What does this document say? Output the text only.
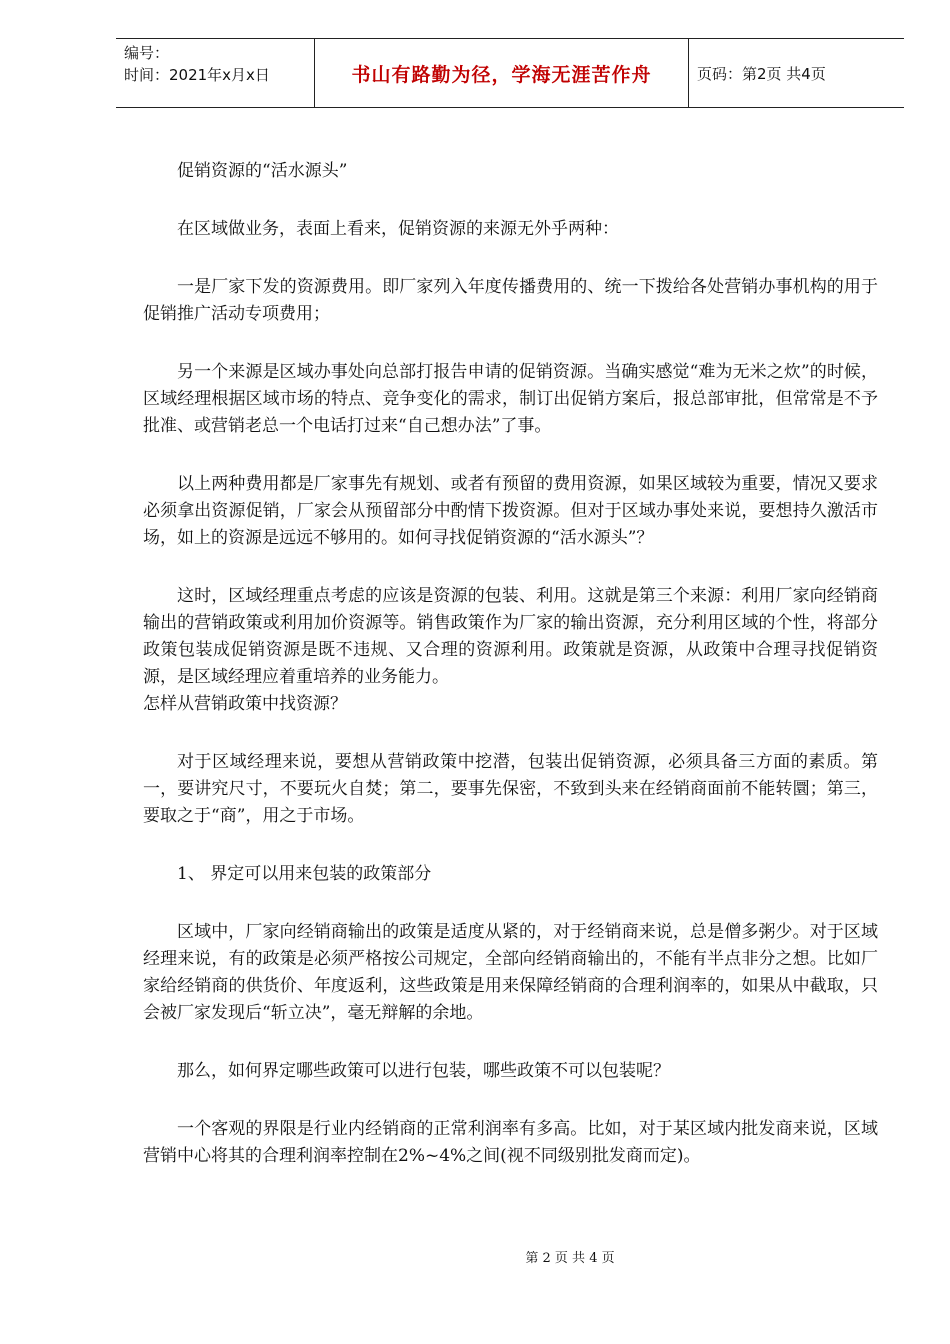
编号：
时间：2021年x月x日	书山有路勤为径，学海无涯苦作舟	页码：第2页 共4页

促销资源的“活水源头”

在区域做业务，表面上看来，促销资源的来源无外乎两种：

一是厂家下发的资源费用。即厂家列入年度传播费用的、统一下拨给各处营销办事机构的用于促销推广活动专项费用；

另一个来源是区域办事处向总部打报告申请的促销资源。当确实感觉“难为无米之炊”的时候，区域经理根据区域市场的特点、竞争变化的需求，制订出促销方案后，报总部审批，但常常是不予批准、或营销老总一个电话打过来“自己想办法”了事。

以上两种费用都是厂家事先有规划、或者有预留的费用资源，如果区域较为重要，情况又要求必须拿出资源促销，厂家会从预留部分中酌情下拨资源。但对于区域办事处来说，要想持久激活市场，如上的资源是远远不够用的。如何寻找促销资源的“活水源头”？

这时，区域经理重点考虑的应该是资源的包装、利用。这就是第三个来源：利用厂家向经销商输出的营销政策或利用加价资源等。销售政策作为厂家的输出资源，充分利用区域的个性，将部分政策包装成促销资源是既不违规、又合理的资源利用。政策就是资源，从政策中合理寻找促销资源，是区域经理应着重培养的业务能力。

怎样从营销政策中找资源？

对于区域经理来说，要想从营销政策中挖潜，包装出促销资源，必须具备三方面的素质。第一，要讲究尺寸，不要玩火自焚；第二，要事先保密，不致到头来在经销商面前不能转圜；第三，要取之于“商”，用之于市场。

1、 界定可以用来包装的政策部分

区域中，厂家向经销商输出的政策是适度从紧的，对于经销商来说，总是僧多粥少。对于区域经理来说，有的政策是必须严格按公司规定，全部向经销商输出的，不能有半点非分之想。比如厂家给经销商的供货价、年度返利，这些政策是用来保障经销商的合理利润率的，如果从中截取，只会被厂家发现后“斩立决”，毫无辩解的余地。

那么，如何界定哪些政策可以进行包装，哪些政策不可以包装呢？

一个客观的界限是行业内经销商的正常利润率有多高。比如，对于某区域内批发商来说，区域营销中心将其的合理利润率控制在2%~4%之间(视不同级别批发商而定)。

第 2 页 共 4 页
